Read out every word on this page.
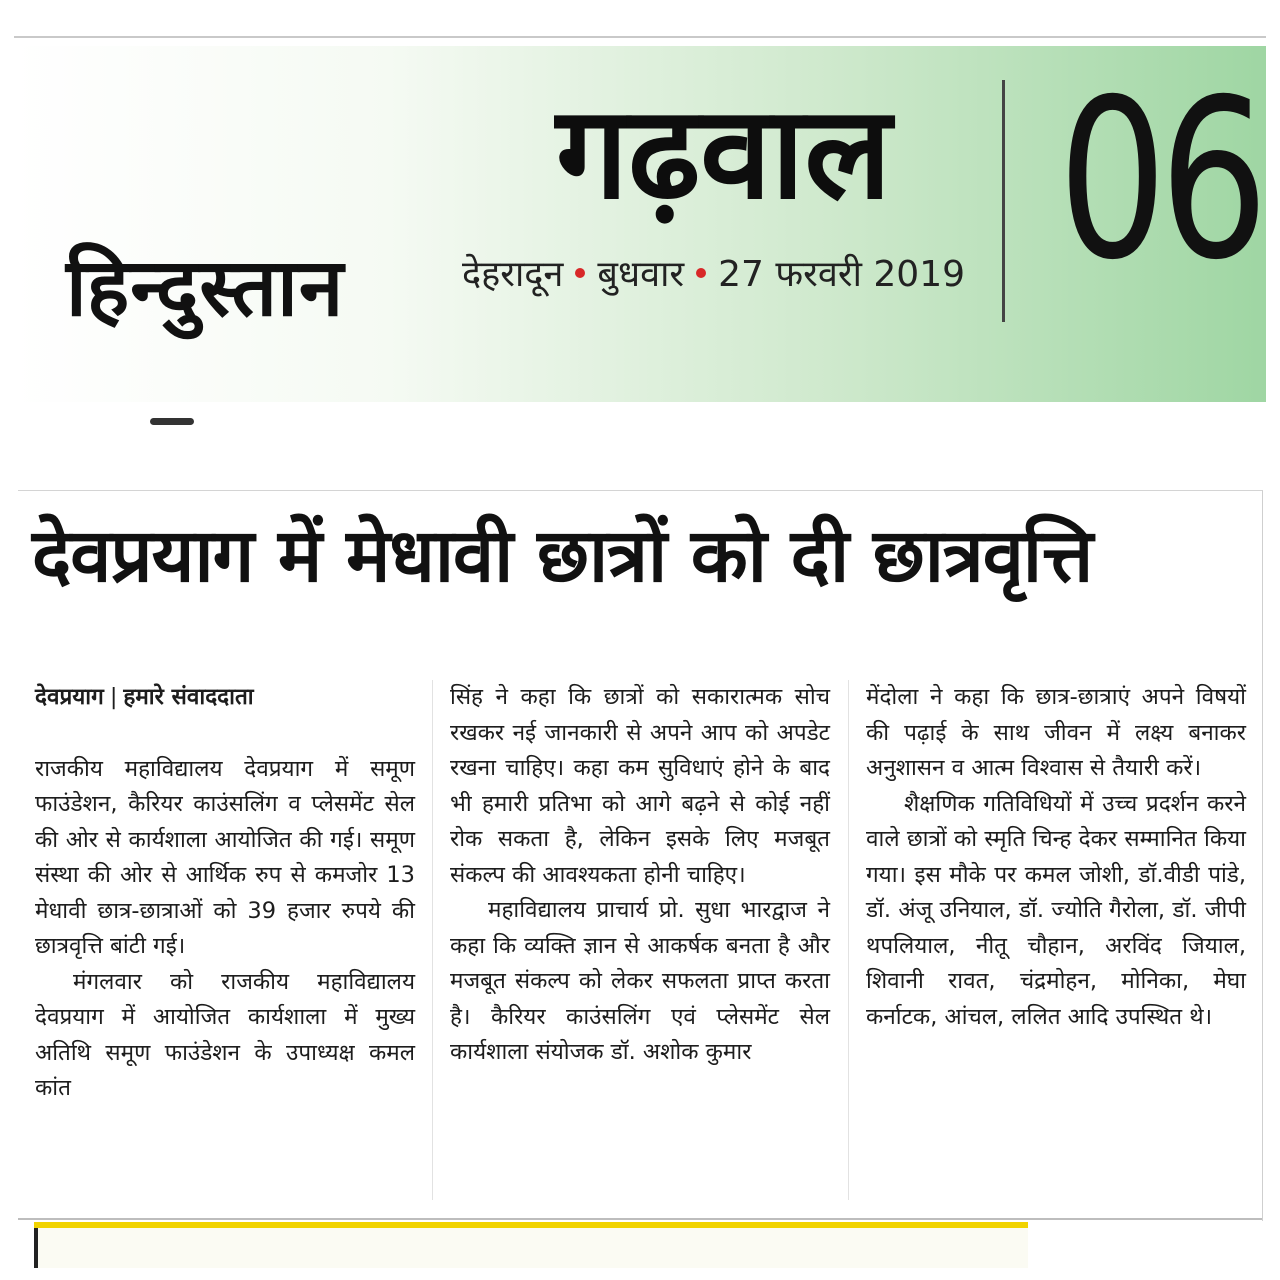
गढ़वाल
हिन्दुस्तान	देहरादून बुधवार 27 फरवरी 2019 06
देवप्रयाग में मेधावी छात्रों को दी छात्रवृत्ति

देवप्रयाग | हमारे संवाददाता

राजकीय महाविद्यालय देवप्रयाग में समूण फाउंडेशन, कैरियर काउंसलिंग व प्लेसमेंट सेल की ओर से कार्यशाला आयोजित की गई। समूण संस्था की ओर से आर्थिक रुप से कमजोर 13 मेधावी छात्र-छात्राओं को 39 हजार रुपये की छात्रवृत्ति बांटी गई।

मंगलवार को राजकीय महाविद्यालय देवप्रयाग में आयोजित कार्यशाला में मुख्य अतिथि समूण फाउंडेशन के उपाध्यक्ष कमल कांत

सिंह ने कहा कि छात्रों को सकारात्मक सोच रखकर नई जानकारी से अपने आप को अपडेट रखना चाहिए। कहा कम सुविधाएं होने के बाद भी हमारी प्रतिभा को आगे बढ़ने से कोई नहीं रोक सकता है, लेकिन इसके लिए मजबूत संकल्प की आवश्यकता होनी चाहिए।

महाविद्यालय प्राचार्य प्रो. सुधा भारद्वाज ने कहा कि व्यक्ति ज्ञान से आकर्षक बनता है और मजबूत संकल्प को लेकर सफलता प्राप्त करता है। कैरियर काउंसलिंग एवं प्लेसमेंट सेल कार्यशाला संयोजक डॉ. अशोक कुमार

मेंदोला ने कहा कि छात्र-छात्राएं अपने विषयों की पढ़ाई के साथ जीवन में लक्ष्य बनाकर अनुशासन व आत्म विश्वास से तैयारी करें।

शैक्षणिक गतिविधियों में उच्च प्रदर्शन करने वाले छात्रों को स्मृति चिन्ह देकर सम्मानित किया गया। इस मौके पर कमल जोशी, डॉ.वीडी पांडे, डॉ. अंजू उनियाल, डॉ. ज्योति गैरोला, डॉ. जीपी थपलियाल, नीतू चौहान, अरविंद जियाल, शिवानी रावत, चंद्रमोहन, मोनिका, मेघा कर्नाटक, आंचल, ललित आदि उपस्थित थे।
